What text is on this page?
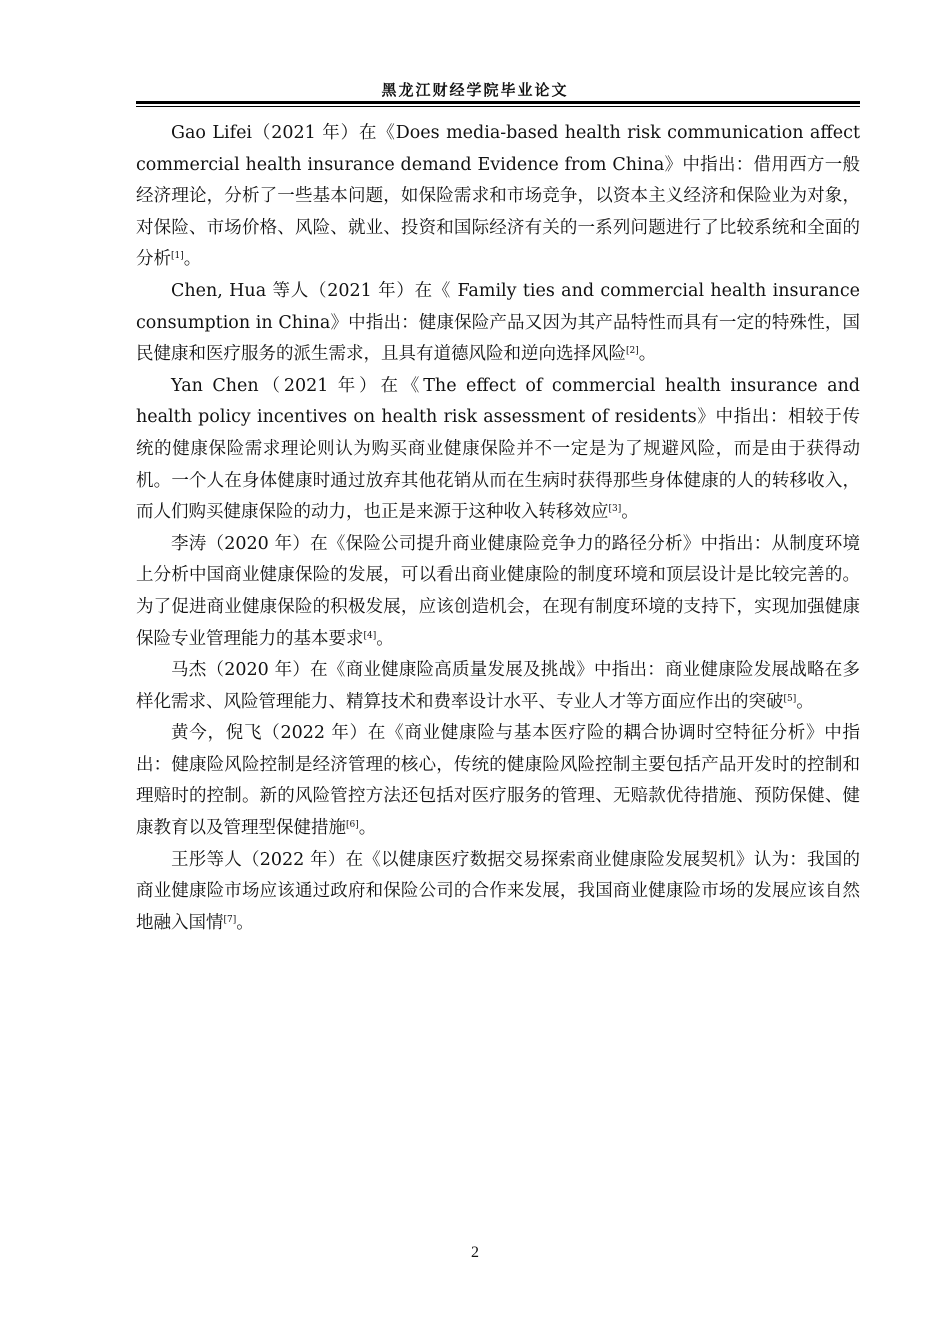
黑龙江财经学院毕业论文

Gao Lifei（2021 年）在《Does media-based health risk communication affect commercial health insurance demand Evidence from China》中指出：借用西方一般经济理论，分析了一些基本问题，如保险需求和市场竞争，以资本主义经济和保险业为对象，对保险、市场价格、风险、就业、投资和国际经济有关的一系列问题进行了比较系统和全面的分析[1]。

Chen, Hua 等人（2021 年）在《 Family ties and commercial health insurance consumption in China》中指出：健康保险产品又因为其产品特性而具有一定的特殊性，国民健康和医疗服务的派生需求，且具有道德风险和逆向选择风险[2]。

Yan Chen（2021 年）在《The effect of commercial health insurance and health policy incentives on health risk assessment of residents》中指出：相较于传统的健康保险需求理论则认为购买商业健康保险并不一定是为了规避风险，而是由于获得动机。一个人在身体健康时通过放弃其他花销从而在生病时获得那些身体健康的人的转移收入，而人们购买健康保险的动力，也正是来源于这种收入转移效应[3]。

李涛（2020 年）在《保险公司提升商业健康险竞争力的路径分析》中指出：从制度环境上分析中国商业健康保险的发展，可以看出商业健康险的制度环境和顶层设计是比较完善的。为了促进商业健康保险的积极发展，应该创造机会，在现有制度环境的支持下，实现加强健康保险专业管理能力的基本要求[4]。

马杰（2020 年）在《商业健康险高质量发展及挑战》中指出：商业健康险发展战略在多样化需求、风险管理能力、精算技术和费率设计水平、专业人才等方面应作出的突破[5]。

黄今，倪飞（2022 年）在《商业健康险与基本医疗险的耦合协调时空特征分析》中指出：健康险风险控制是经济管理的核心，传统的健康险风险控制主要包括产品开发时的控制和理赔时的控制。新的风险管控方法还包括对医疗服务的管理、无赔款优待措施、预防保健、健康教育以及管理型保健措施[6]。

王彤等人（2022 年）在《以健康医疗数据交易探索商业健康险发展契机》认为：我国的商业健康险市场应该通过政府和保险公司的合作来发展，我国商业健康险市场的发展应该自然地融入国情[7]。

2
